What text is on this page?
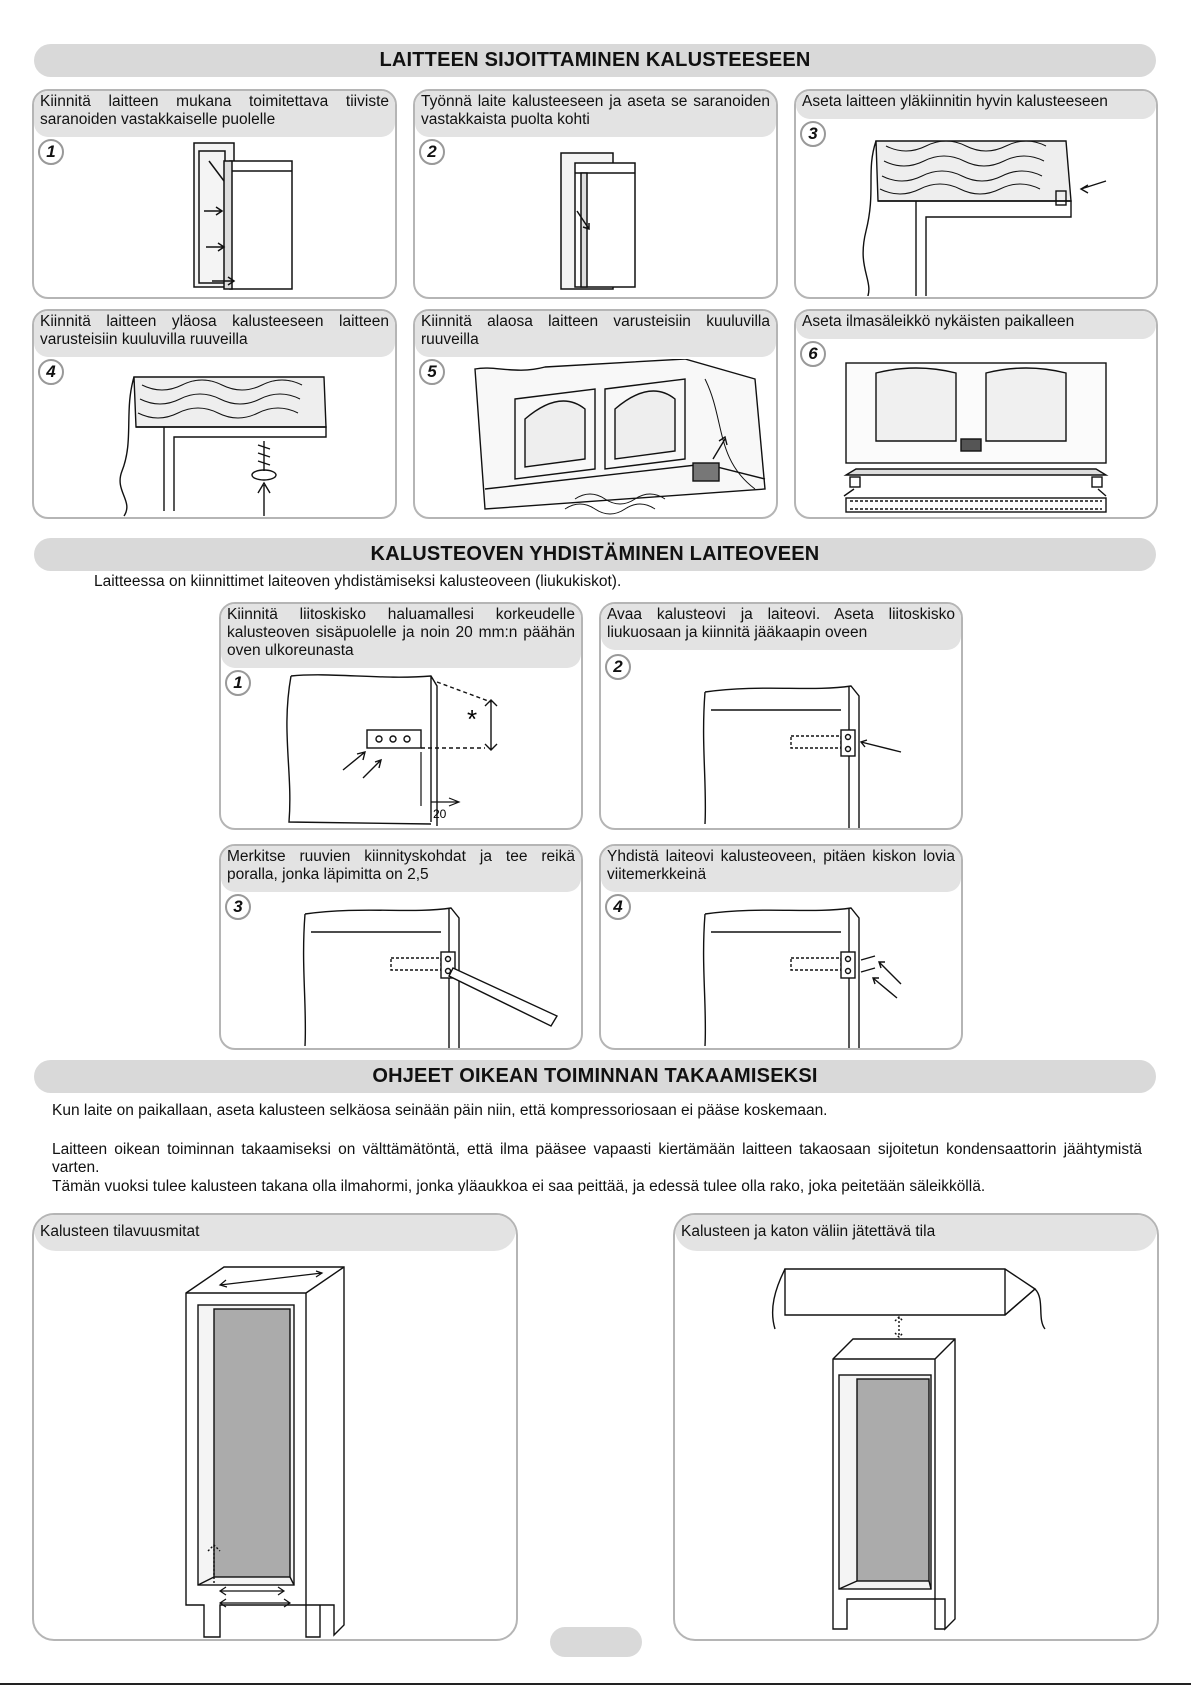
LAITTEEN SIJOITTAMINEN KALUSTEESEEN
Kiinnitä laitteen mukana toimitettava tiiviste saranoiden vastakkaiselle puolelle
1
Työnnä laite kalusteeseen ja aseta se saranoiden vastakkaista puolta kohti
2
Aseta laitteen yläkiinnitin hyvin kalusteeseen
3
Kiinnitä laitteen yläosa kalusteeseen laitteen varusteisiin kuuluvilla ruuveilla
4
Kiinnitä alaosa laitteen varusteisiin kuuluvilla ruuveilla
5
Aseta ilmasäleikkö nykäisten paikalleen
6
KALUSTEOVEN YHDISTÄMINEN LAITEOVEEN
Laitteessa on kiinnittimet laiteoven yhdistämiseksi kalusteoveen (liukukiskot).
Kiinnitä liitoskisko haluamallesi korkeudelle kalusteoven sisäpuolelle ja noin 20 mm:n päähän oven ulkoreunasta
1
*
20
Avaa kalusteovi ja laiteovi. Aseta liitoskisko liukuosaan ja kiinnitä jääkaapin oveen
2
Merkitse ruuvien kiinnityskohdat ja tee reikä poralla, jonka läpimitta on 2,5
3
Yhdistä laiteovi kalusteoveen, pitäen kiskon lovia viitemerkkeinä
4
OHJEET OIKEAN TOIMINNAN TAKAAMISEKSI
Kun laite on paikallaan, aseta kalusteen selkäosa seinään päin niin, että kompressoriosaan ei pääse koskemaan.
Laitteen oikean toiminnan takaamiseksi on välttämätöntä, että ilma pääsee vapaasti kiertämään laitteen takaosaan sijoitetun kondensaattorin jäähtymistä varten.
Tämän vuoksi tulee kalusteen takana olla ilmahormi, jonka yläaukkoa ei saa peittää, ja edessä tulee olla rako, joka peitetään säleikköllä.
Kalusteen tilavuusmitat	Kalusteen ja katon väliin jätettävä tila
